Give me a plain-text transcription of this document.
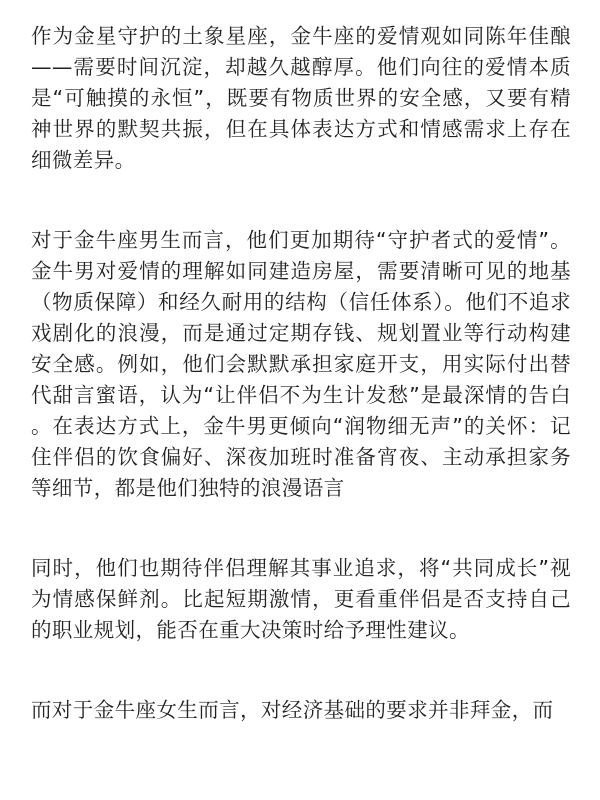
作为金星守护的土象星座，金牛座的爱情观如同陈年佳酿——需要时间沉淀，却越久越醇厚。他们向往的爱情本质是“可触摸的永恒”，既要有物质世界的安全感，又要有精神世界的默契共振，但在具体表达方式和情感需求上存在细微差异。

对于金牛座男生而言，他们更加期待“守护者式的爱情”。金牛男对爱情的理解如同建造房屋，需要清晰可见的地基（物质保障）和经久耐用的结构（信任体系）。他们不追求戏剧化的浪漫，而是通过定期存钱、规划置业等行动构建安全感。例如，他们会默默承担家庭开支，用实际付出替代甜言蜜语，认为“让伴侣不为生计发愁”是最深情的告白 。在表达方式上，金牛男更倾向“润物细无声”的关怀：记住伴侣的饮食偏好、深夜加班时准备宵夜、主动承担家务等细节，都是他们独特的浪漫语言

同时，他们也期待伴侣理解其事业追求，将“共同成长”视为情感保鲜剂。比起短期激情，更看重伴侣是否支持自己的职业规划，能否在重大决策时给予理性建议。

而对于金牛座女生而言，对经济基础的要求并非拜金，而
